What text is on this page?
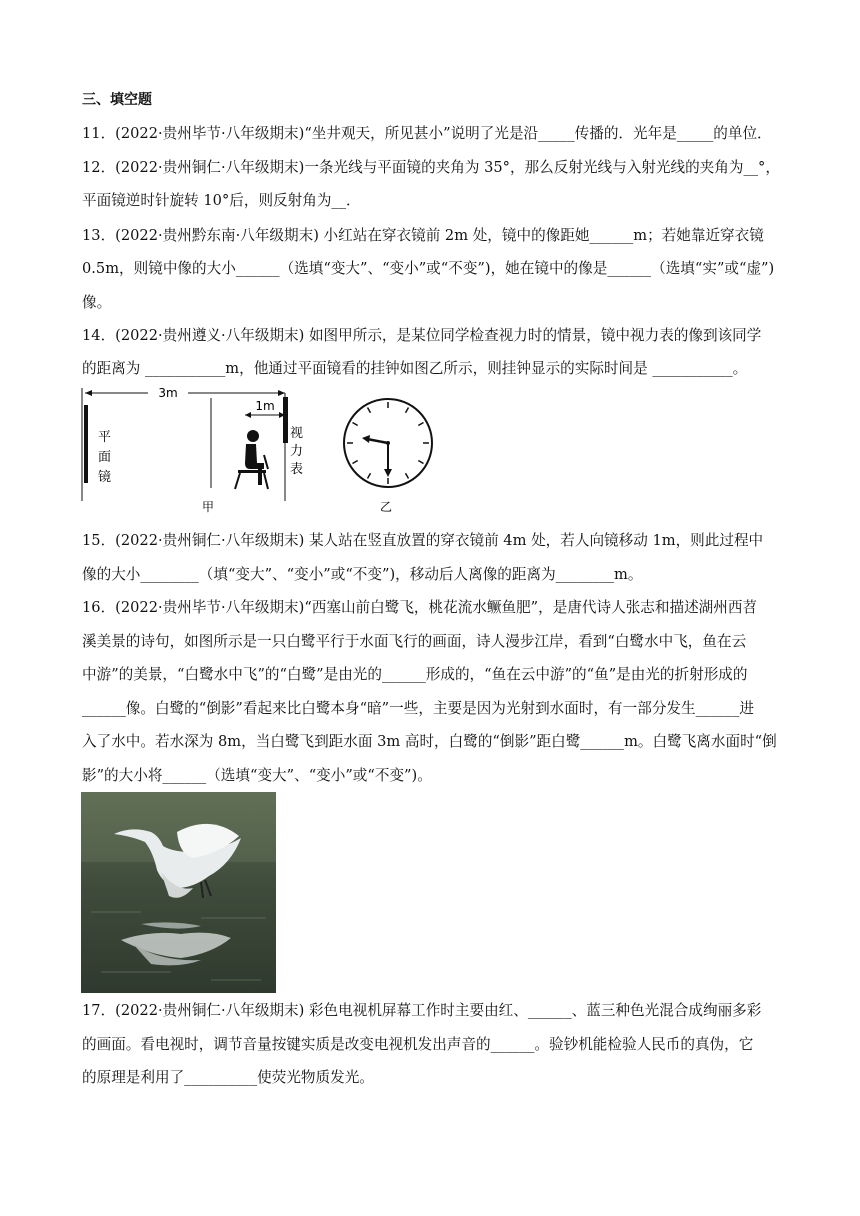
三、填空题
11．(2022·贵州毕节·八年级期末)“坐井观天，所见甚小”说明了光是沿_____传播的．光年是_____的单位．
12．(2022·贵州铜仁·八年级期末)一条光线与平面镜的夹角为 35°，那么反射光线与入射光线的夹角为__°，
平面镜逆时针旋转 10°后，则反射角为__．
13．(2022·贵州黔东南·八年级期末) 小红站在穿衣镜前 2m 处，镜中的像距她______m；若她靠近穿衣镜
0.5m，则镜中像的大小______（选填“变大”、“变小”或“不变”)，她在镜中的像是______（选填“实”或“虚”)
像。
14．(2022·贵州遵义·八年级期末) 如图甲所示，是某位同学检查视力时的情景，镜中视力表的像到该同学
的距离为 ___________m，他通过平面镜看的挂钟如图乙所示，则挂钟显示的实际时间是 ___________。
3m
平
面
镜
1m
视
力
表
甲	乙
15．(2022·贵州铜仁·八年级期末) 某人站在竖直放置的穿衣镜前 4m 处，若人向镜移动 1m，则此过程中
像的大小________（填“变大”、“变小”或“不变”)，移动后人离像的距离为________m。
16．(2022·贵州毕节·八年级期末)“西塞山前白鹭飞，桃花流水鳜鱼肥”，是唐代诗人张志和描述湖州西苕
溪美景的诗句，如图所示是一只白鹭平行于水面飞行的画面，诗人漫步江岸，看到“白鹭水中飞，鱼在云
中游”的美景，“白鹭水中飞”的“白鹭”是由光的______形成的，“鱼在云中游”的“鱼”是由光的折射形成的
______像。白鹭的“倒影”看起来比白鹭本身“暗”一些，主要是因为光射到水面时，有一部分发生______进
入了水中。若水深为 8m，当白鹭飞到距水面 3m 高时，白鹭的“倒影”距白鹭______m。白鹭飞离水面时“倒
影”的大小将______（选填“变大”、“变小”或“不变”)。
17．(2022·贵州铜仁·八年级期末) 彩色电视机屏幕工作时主要由红、______、蓝三种色光混合成绚丽多彩
的画面。看电视时，调节音量按键实质是改变电视机发出声音的______。验钞机能检验人民币的真伪，它
的原理是利用了__________使荧光物质发光。
